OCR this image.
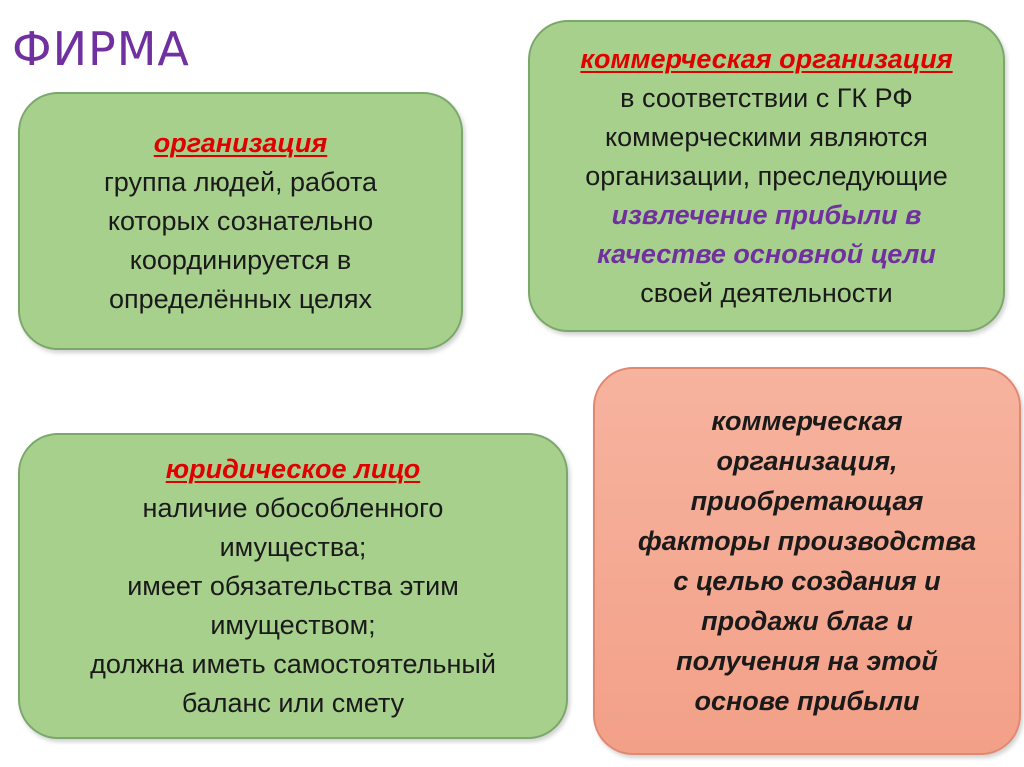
ФИРМА
организация
группа людей, работа
которых сознательно
координируется в
определённых целях
коммерческая организация
в соответствии с ГК РФ
коммерческими являются
организации, преследующие
извлечение прибыли в
качестве основной цели
своей деятельности
юридическое лицо
наличие обособленного
имущества;
имеет обязательства этим
имуществом;
должна иметь самостоятельный
баланс или смету
коммерческая
организация,
приобретающая
факторы производства
с целью создания и
продажи благ и
получения на этой
основе прибыли
